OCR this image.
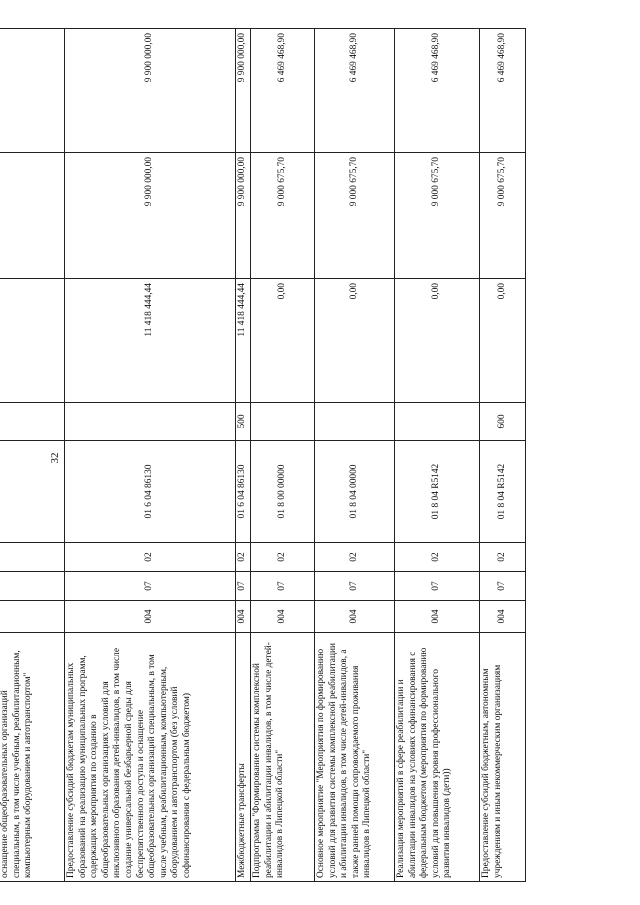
32
оснащение общеобразовательных организаций специальным, в том числе учебным, реабилитационным, компьютерным оборудованием и автотранспортом"								
Предоставление субсидий бюджетам муниципальных образований на реализацию муниципальных программ, содержащих мероприятия по созданию в общеобразовательных организациях условий для инклюзивного образования детей-инвалидов, в том числе создание универсальной безбарьерной среды для беспрепятственного доступа и оснащение общеобразовательных организаций специальным, в том числе учебным, реабилитационным, компьютерным, оборудованием и автотранспортом (без условий софинансирования с федеральным бюджетом)	004	07	02	01 6 04 86130		11 418 444,44	9 900 000,00	9 900 000,00
Межбюджетные трансферты	004	07	02	01 6 04 86130	500	11 418 444,44	9 900 000,00	9 900 000,00
Подпрограмма "Формирование системы комплексной реабилитации и абилитации инвалидов, в том числе детей-инвалидов в Липецкой области"	004	07	02	01 8 00 00000		0,00	9 000 675,70	6 469 468,90
Основное мероприятие "Мероприятия по формированию условий для развития системы комплексной реабилитации и абилитации инвалидов, в том числе детей-инвалидов, а также ранней помощи сопровождаемого проживания инвалидов в Липецкой области"	004	07	02	01 8 04 00000		0,00	9 000 675,70	6 469 468,90
Реализация мероприятий в сфере реабилитации и абилитации инвалидов на условиях софинансирования с федеральным бюджетом (мероприятия по формированию условий для повышения уровня профессионального развития инвалидов (дети))	004	07	02	01 8 04 R5142		0,00	9 000 675,70	6 469 468,90
Предоставление субсидий бюджетным, автономным учреждениям и иным некоммерческим организациям	004	07	02	01 8 04 R5142	600	0,00	9 000 675,70	6 469 468,90
